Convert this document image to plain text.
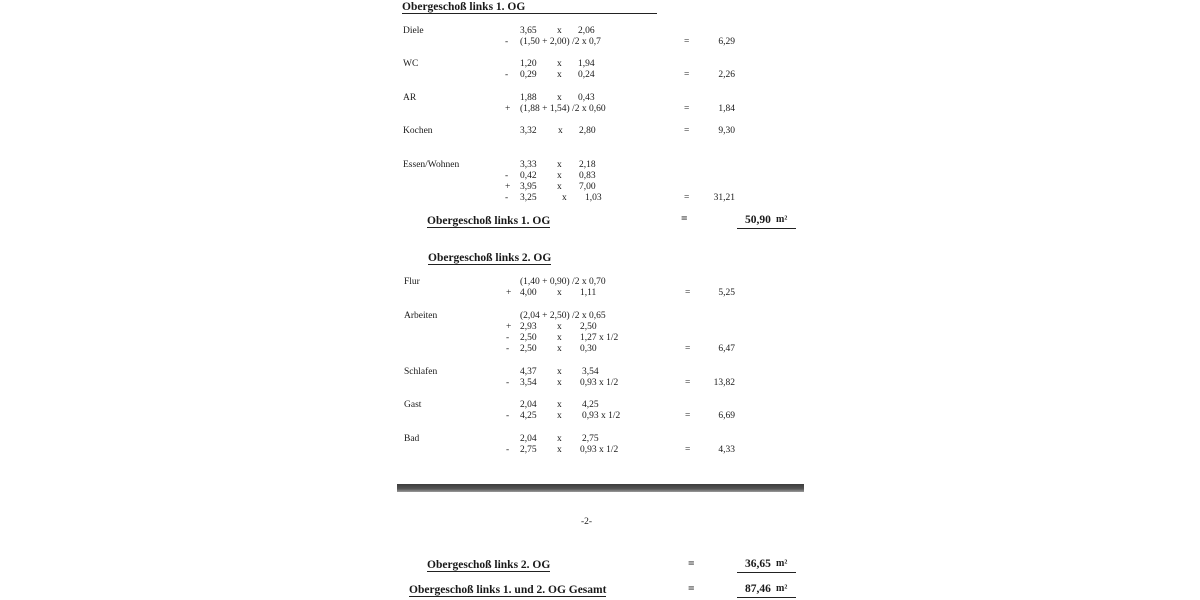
Obergeschoß links 1. OG
Diele	3,65 x 2,06
- (1,50 + 2,00) /2 x 0,7	=	6,29
WC	1,20 x 1,94
- 0,29 x 0,24	=	2,26
AR	1,88 x 0,43
+ (1,88 + 1,54) /2 x 0,60	=	1,84
Kochen	3,32 x 2,80	=	9,30
Essen/Wohnen	3,33 x 2,18
- 0,42 x 0,83
+ 3,95 x 7,00
- 3,25	x 1,03	=	31,21
Obergeschoß links 1. OG	=	50,90 m²
Obergeschoß links 2. OG
Flur	(1,40 + 0,90) /2 x 0,70
+ 4,00 x 1,11	=	5,25
Arbeiten	(2,04 + 2,50) /2 x 0,65
+ 2,93 x 2,50
- 2,50 x 1,27 x 1/2
- 2,50 x 0,30	=	6,47
Schlafen	4,37 x 3,54
- 3,54 x 0,93 x 1/2	=	13,82
Gast	2,04 x 4,25
- 4,25 x 0,93 x 1/2	=	6,69
Bad	2,04 x 2,75
- 2,75 x 0,93 x 1/2	=	4,33
-2-
Obergeschoß links 2. OG	=	36,65 m²
Obergeschoß links 1. und 2. OG Gesamt	=	87,46 m²
